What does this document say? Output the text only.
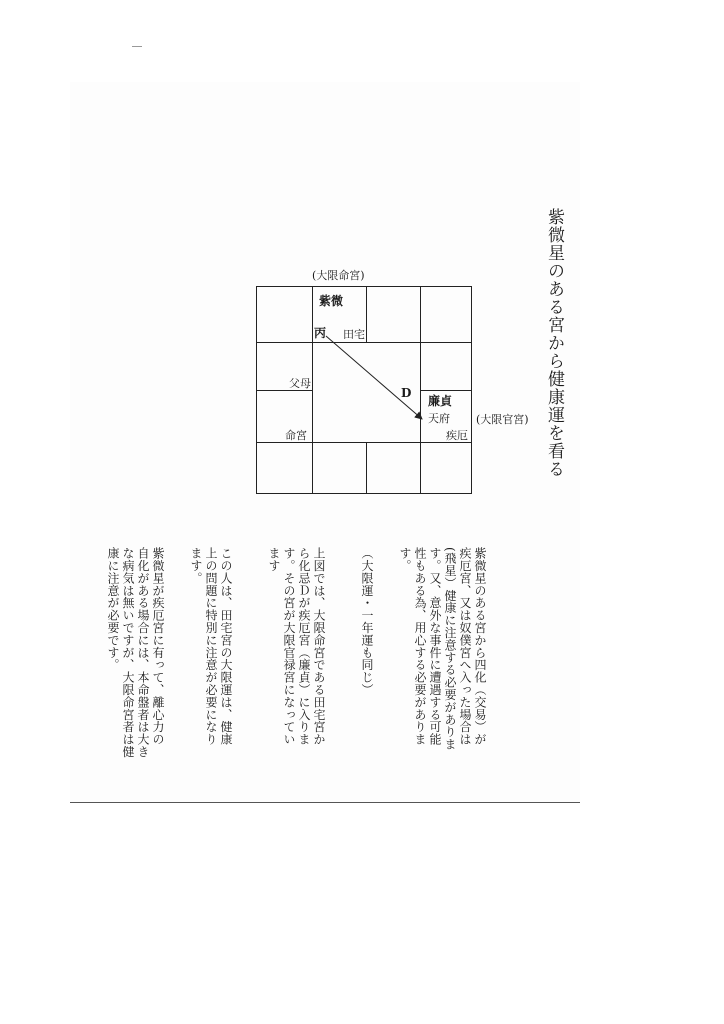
紫微星のある宮から健康運を看る
(大限命宮)
紫微
丙 田宅
父母
命宮
D
廉貞
天府
疾厄
(大限官宮)

紫微星のある宮から四化（交易）が
疾厄宮、又は奴僕宮へ入った場合は
(飛星）健康に注意する必要がありま
す。又、意外な事件に遭遇する可能
性もある為、用心する必要がありま
す。

（大限運・一年運も同じ）

上図では、大限命宮である田宅宮か
ら化忌Ｄが疾厄宮（廉貞）に入りま
す。その宮が大限官禄宮になってい
ます

この人は、田宅宮の大限運は、健康
上の問題に特別に注意が必要になり
ます。

紫微星が疾厄宮に有って、離心力の
自化がある場合には、本命盤者は大き
な病気は無いですが、大限命宮者は健
康に注意が必要です。
